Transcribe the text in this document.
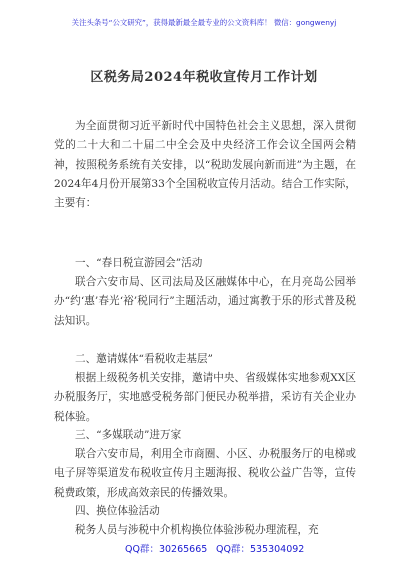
关注头条号“公文研究”，获得最新最全最专业的公文资料库！ 微信：gongwenyj
区税务局2024年税收宣传月工作计划

为全面贯彻习近平新时代中国特色社会主义思想，深入贯彻党的二十大和二十届二中全会及中央经济工作会议全国两会精神，按照税务系统有关安排，以“税助发展向新而进”为主题，在2024年4月份开展第33个全国税收宣传月活动。结合工作实际，主要有：

一、“春日税宣游园会”活动

联合六安市局、区司法局及区融媒体中心，在月亮岛公园举办“约‘惠’春光‘裕’税同行”主题活动，通过寓教于乐的形式普及税法知识。

二、邀请媒体“看税收走基层”

根据上级税务机关安排，邀请中央、省级媒体实地参观XX区办税服务厅，实地感受税务部门便民办税举措，采访有关企业办税体验。

三、“多媒联动”进万家

联合六安市局，利用全市商圈、小区、办税服务厅的电梯或电子屏等渠道发布税收宣传月主题海报、税收公益广告等，宣传税费政策，形成高效亲民的传播效果。

四、换位体验活动

税务人员与涉税中介机构换位体验涉税办理流程，充

QQ群：30265665 QQ群：535304092
